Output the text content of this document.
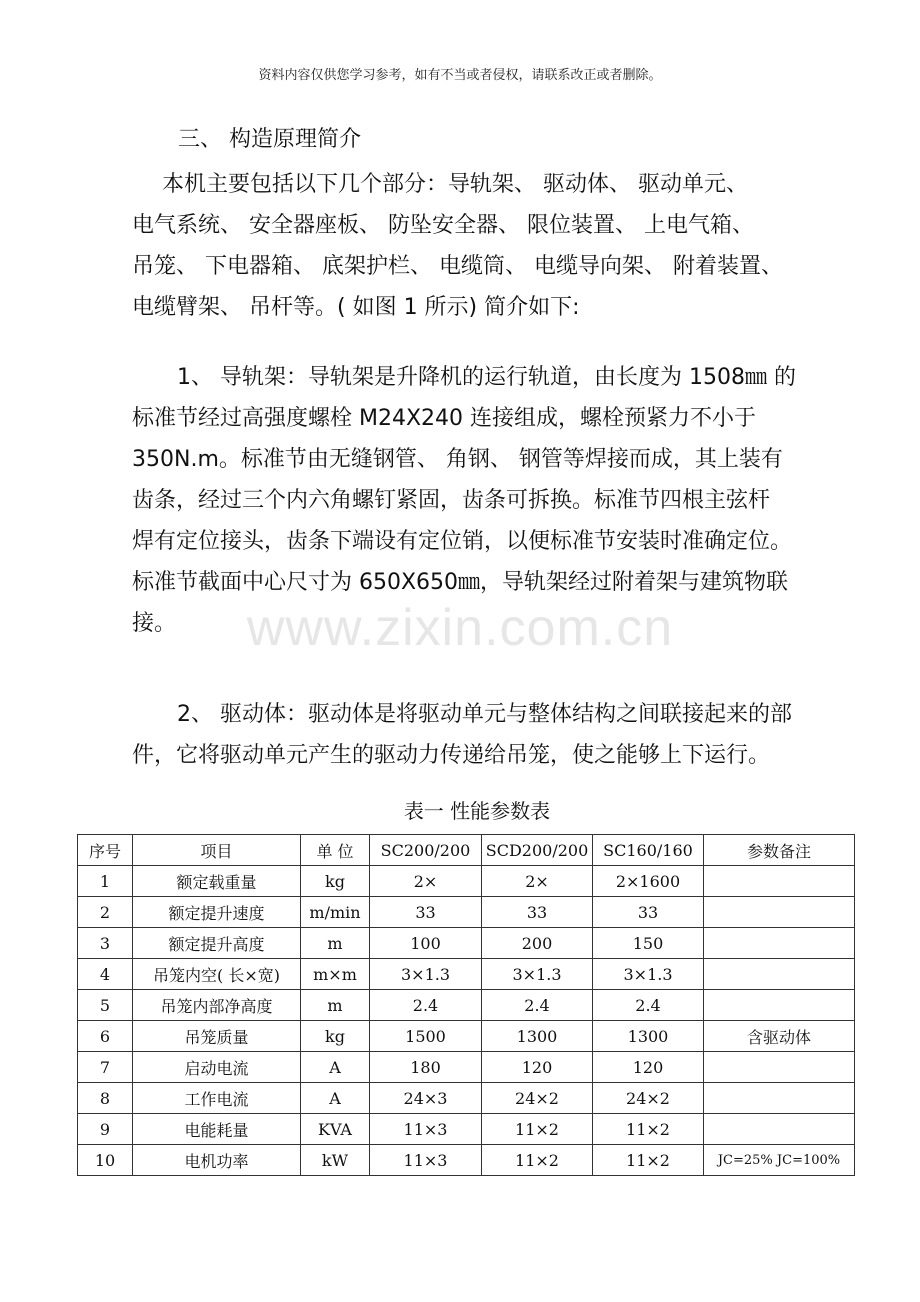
资料内容仅供您学习参考，如有不当或者侵权，请联系改正或者删除。
www.zixin.com.cn
三、 构造原理简介
本机主要包括以下几个部分：导轨架、 驱动体、 驱动单元、
电气系统、 安全器座板、 防坠安全器、 限位装置、 上电气箱、
吊笼、 下电器箱、 底架护栏、 电缆筒、 电缆导向架、 附着装置、
电缆臂架、 吊杆等。( 如图 1 所示) 简介如下:
1、 导轨架：导轨架是升降机的运行轨道，由长度为 1508㎜ 的
标准节经过高强度螺栓 M24X240 连接组成，螺栓预紧力不小于
350N.m。标准节由无缝钢管、 角钢、 钢管等焊接而成，其上装有
齿条，经过三个内六角螺钉紧固，齿条可拆换。标准节四根主弦杆
焊有定位接头，齿条下端设有定位销，以便标准节安装时准确定位。
标准节截面中心尺寸为 650X650㎜，导轨架经过附着架与建筑物联
接。
2、 驱动体：驱动体是将驱动单元与整体结构之间联接起来的部
件，它将驱动单元产生的驱动力传递给吊笼，使之能够上下运行。
表一 性能参数表
序号	项目	单 位	SC200/200	SCD200/200	SC160/160	参数备注
1	额定载重量	kg	2×	2×	2×1600	
2	额定提升速度	m/min	33	33	33	
3	额定提升高度	m	100	200	150	
4	吊笼内空( 长×宽)	m×m	3×1.3	3×1.3	3×1.3	
5	吊笼内部净高度	m	2.4	2.4	2.4	
6	吊笼质量	kg	1500	1300	1300	含驱动体
7	启动电流	A	180	120	120	
8	工作电流	A	24×3	24×2	24×2	
9	电能耗量	KVA	11×3	11×2	11×2	
10	电机功率	kW	11×3	11×2	11×2	JC=25% JC=100%
